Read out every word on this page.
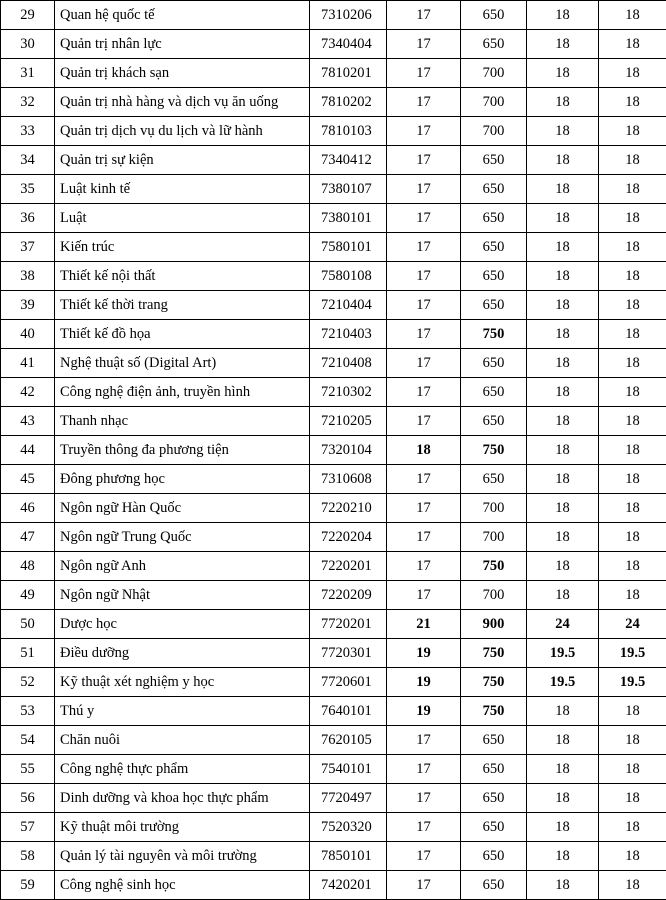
29	Quan hệ quốc tế	7310206	17	650	18	18
30	Quản trị nhân lực	7340404	17	650	18	18
31	Quản trị khách sạn	7810201	17	700	18	18
32	Quản trị nhà hàng và dịch vụ ăn uống	7810202	17	700	18	18
33	Quản trị dịch vụ du lịch và lữ hành	7810103	17	700	18	18
34	Quản trị sự kiện	7340412	17	650	18	18
35	Luật kinh tế	7380107	17	650	18	18
36	Luật	7380101	17	650	18	18
37	Kiến trúc	7580101	17	650	18	18
38	Thiết kế nội thất	7580108	17	650	18	18
39	Thiết kế thời trang	7210404	17	650	18	18
40	Thiết kế đồ họa	7210403	17	750	18	18
41	Nghệ thuật số (Digital Art)	7210408	17	650	18	18
42	Công nghệ điện ảnh, truyền hình	7210302	17	650	18	18
43	Thanh nhạc	7210205	17	650	18	18
44	Truyền thông đa phương tiện	7320104	18	750	18	18
45	Đông phương học	7310608	17	650	18	18
46	Ngôn ngữ Hàn Quốc	7220210	17	700	18	18
47	Ngôn ngữ Trung Quốc	7220204	17	700	18	18
48	Ngôn ngữ Anh	7220201	17	750	18	18
49	Ngôn ngữ Nhật	7220209	17	700	18	18
50	Dược học	7720201	21	900	24	24
51	Điều dưỡng	7720301	19	750	19.5	19.5
52	Kỹ thuật xét nghiệm y học	7720601	19	750	19.5	19.5
53	Thú y	7640101	19	750	18	18
54	Chăn nuôi	7620105	17	650	18	18
55	Công nghệ thực phẩm	7540101	17	650	18	18
56	Dinh dưỡng và khoa học thực phẩm	7720497	17	650	18	18
57	Kỹ thuật môi trường	7520320	17	650	18	18
58	Quản lý tài nguyên và môi trường	7850101	17	650	18	18
59	Công nghệ sinh học	7420201	17	650	18	18
